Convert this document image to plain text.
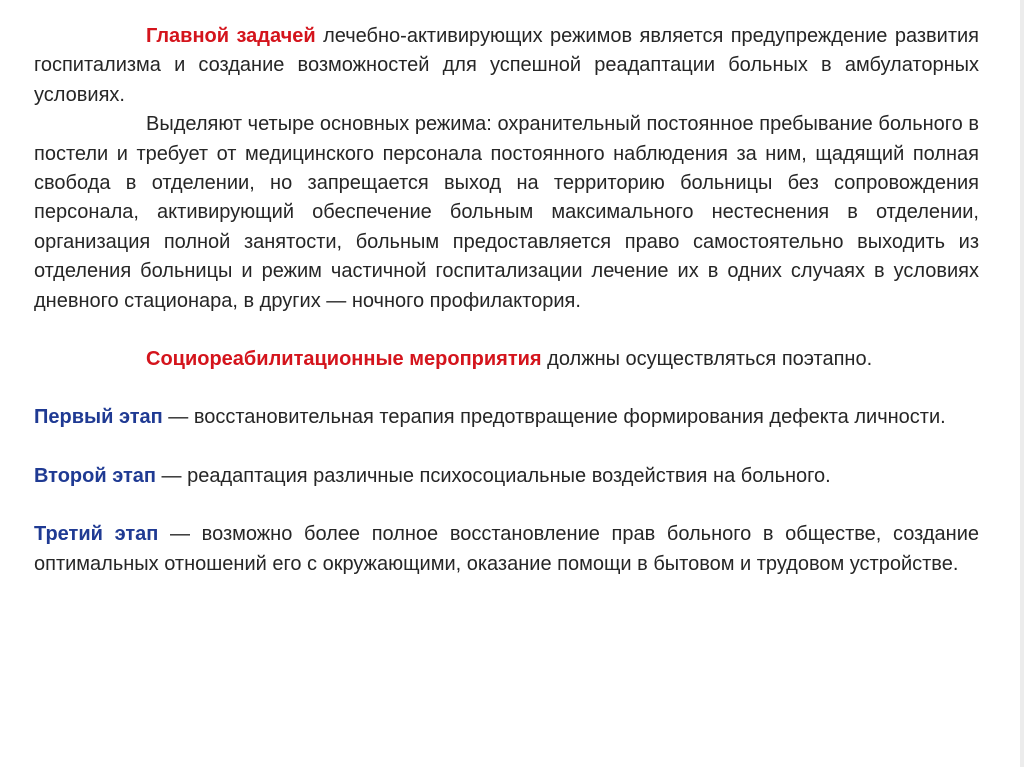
Главной задачей лечебно-активирующих режимов является предупреждение развития госпитализма и создание возможностей для успешной реадаптации больных в амбулаторных условиях.

Выделяют четыре основных режима: охранительный постоянное пребывание больного в постели и требует от медицинского персонала постоянного наблюдения за ним, щадящий полная свобода в отделении, но запрещается выход на территорию больницы без сопровождения персонала, активирующий обеспечение больным максимального нестеснения в отделении, организация полной занятости, больным предоставляется право самостоятельно выходить из отделения больницы и режим частичной госпитализации лечение их в одних случаях в условиях дневного стационара, в других — ночного профилактория.

Социореабилитационные мероприятия должны осуществляться поэтапно.

Первый этап — восстановительная терапия предотвращение формирования дефекта личности.

Второй этап — реадаптация различные психосоциальные воздействия на больного.

Третий этап — возможно более полное восстановление прав больного в обществе, создание оптимальных отношений его с окружающими, оказание помощи в бытовом и трудовом устройстве.
